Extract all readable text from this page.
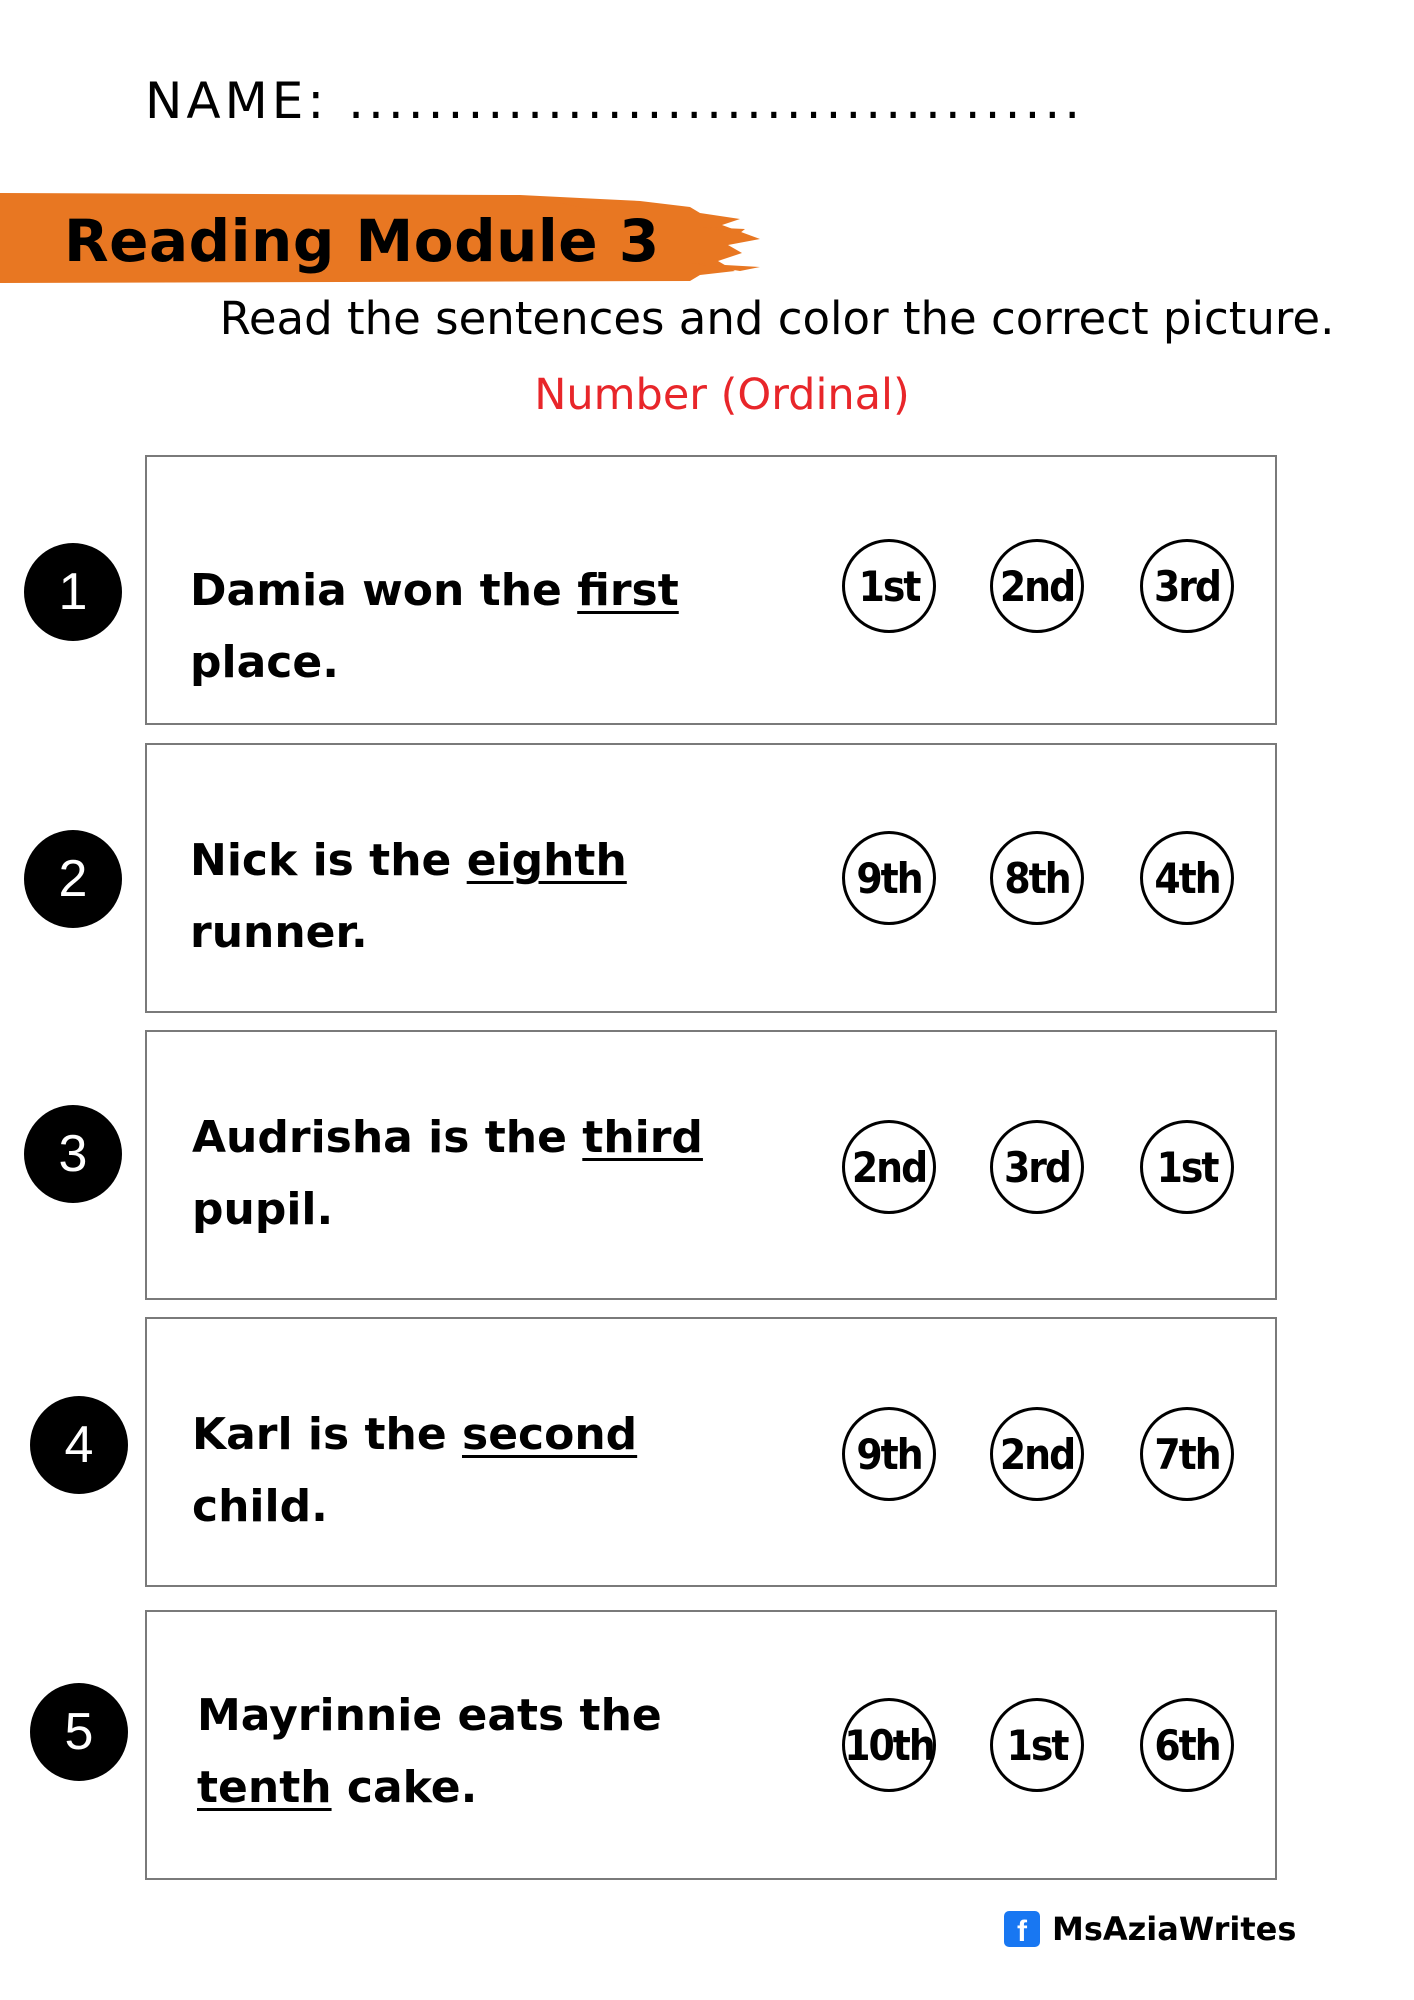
NAME: .....................................
Reading Module 3
Read the sentences and color the correct picture.
Number (Ordinal)
1	Damia won the first place.
1st	2nd	3rd
2	Nick is the eighth runner.
9th	8th	4th
3	Audrisha is the third pupil.
2nd	3rd	1st
4	Karl is the second child.
9th	2nd	7th
5	Mayrinnie eats the tenth cake.
10th	1st	6th
f MsAziaWrites
